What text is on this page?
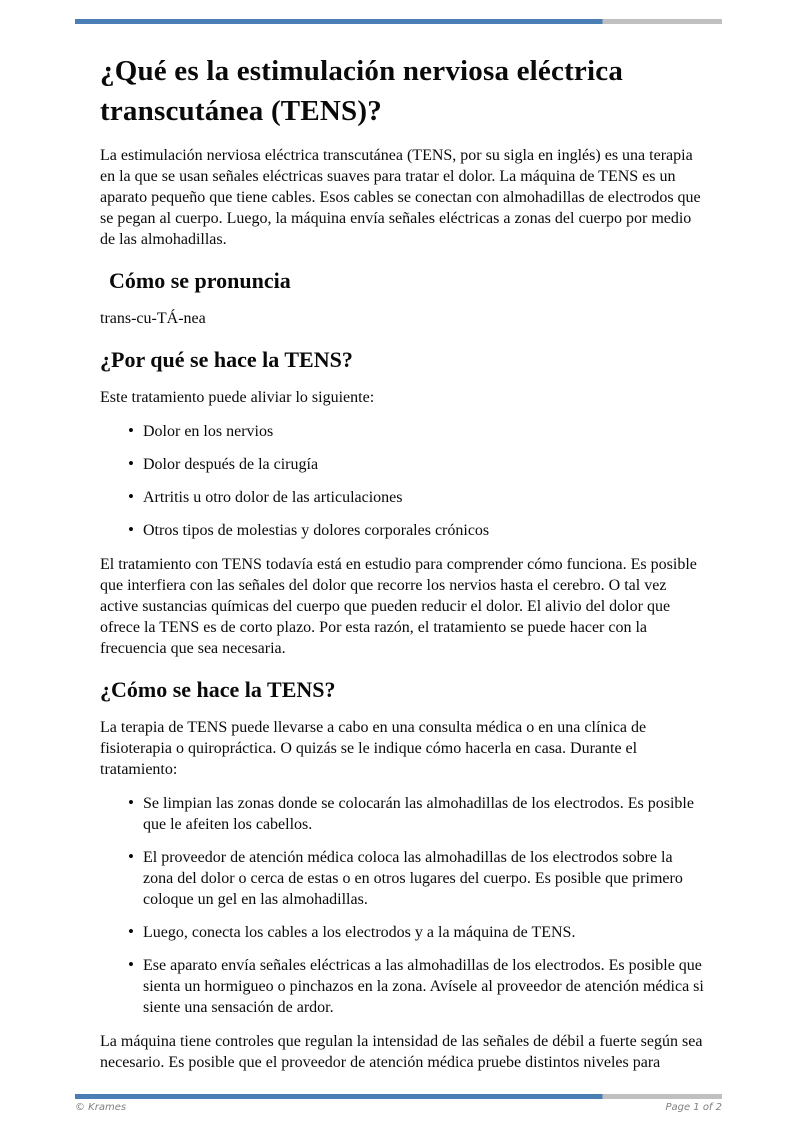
¿Qué es la estimulación nerviosa eléctrica transcutánea (TENS)?

La estimulación nerviosa eléctrica transcutánea (TENS, por su sigla en inglés) es una terapia en la que se usan señales eléctricas suaves para tratar el dolor. La máquina de TENS es un aparato pequeño que tiene cables. Esos cables se conectan con almohadillas de electrodos que se pegan al cuerpo. Luego, la máquina envía señales eléctricas a zonas del cuerpo por medio de las almohadillas.

Cómo se pronuncia

trans-cu-TÁ-nea

¿Por qué se hace la TENS?

Este tratamiento puede aliviar lo siguiente:

• Dolor en los nervios
• Dolor después de la cirugía
• Artritis u otro dolor de las articulaciones
• Otros tipos de molestias y dolores corporales crónicos

El tratamiento con TENS todavía está en estudio para comprender cómo funciona. Es posible que interfiera con las señales del dolor que recorre los nervios hasta el cerebro. O tal vez active sustancias químicas del cuerpo que pueden reducir el dolor. El alivio del dolor que ofrece la TENS es de corto plazo. Por esta razón, el tratamiento se puede hacer con la frecuencia que sea necesaria.

¿Cómo se hace la TENS?

La terapia de TENS puede llevarse a cabo en una consulta médica o en una clínica de fisioterapia o quiropráctica. O quizás se le indique cómo hacerla en casa. Durante el tratamiento:

• Se limpian las zonas donde se colocarán las almohadillas de los electrodos. Es posible que le afeiten los cabellos.
• El proveedor de atención médica coloca las almohadillas de los electrodos sobre la zona del dolor o cerca de estas o en otros lugares del cuerpo. Es posible que primero coloque un gel en las almohadillas.
• Luego, conecta los cables a los electrodos y a la máquina de TENS.
• Ese aparato envía señales eléctricas a las almohadillas de los electrodos. Es posible que sienta un hormigueo o pinchazos en la zona. Avísele al proveedor de atención médica si siente una sensación de ardor.

La máquina tiene controles que regulan la intensidad de las señales de débil a fuerte según sea necesario. Es posible que el proveedor de atención médica pruebe distintos niveles para

© Krames	Page 1 of 2
